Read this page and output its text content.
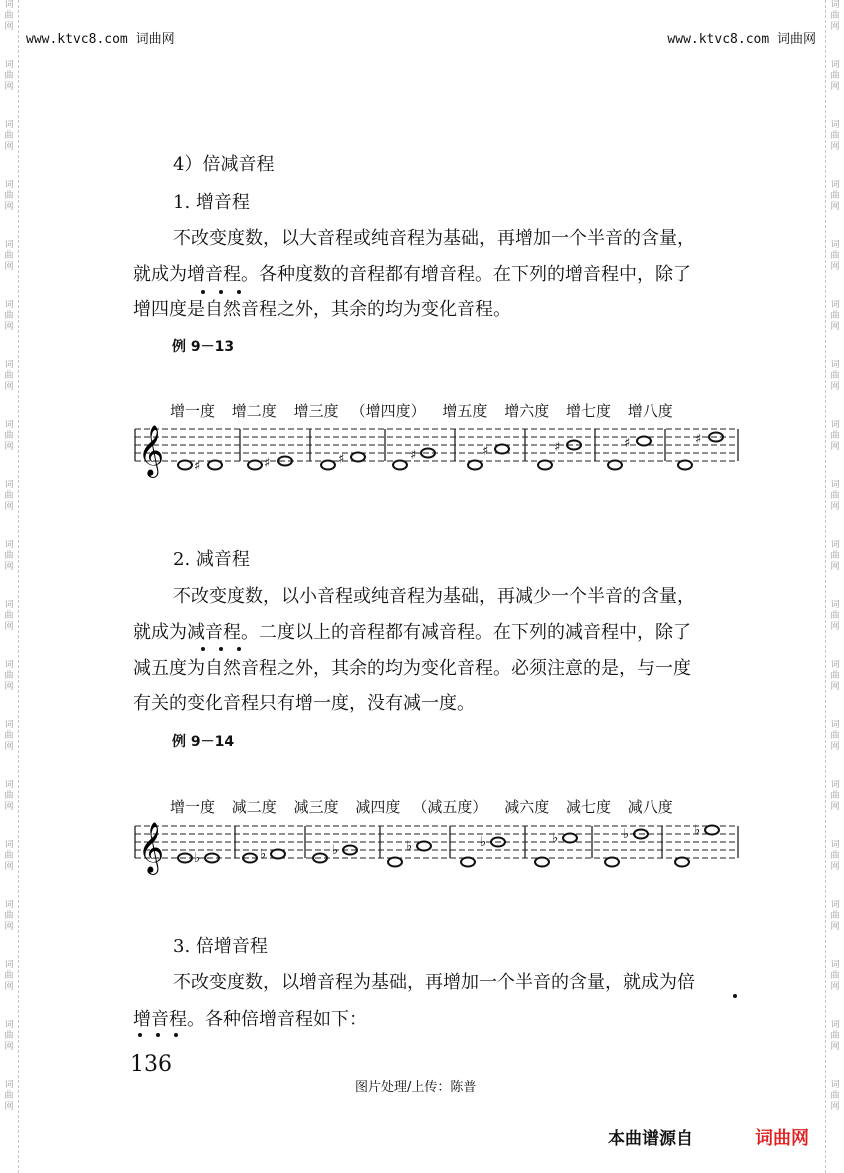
词
曲
网
词
曲
网
词
曲
网
词
曲
网
词
曲
网
词
曲
网
词
曲
网
词
曲
网
词
曲
网
词
曲
网
词
曲
网
词
曲
网
词
曲
网
词
曲
网
词
曲
网
词
曲
网
词
曲
网
词
曲
网
词
曲
网
词
曲
网
词
曲
网
词
曲
网
词
曲
网
词
曲
网
词
曲
网
词
曲
网
词
曲
网
词
曲
网
词
曲
网
词
曲
网
词
曲
网
词
曲
网
词
曲
网
词
曲
网
词
曲
网
词
曲
网
词
曲
网
词
曲
网
www.ktvc8.com 词曲网	www.ktvc8.com 词曲网
4）倍减音程
1. 增音程
不改变度数，以大音程或纯音程为基础，再增加一个半音的含量，
就成为增音程。各种度数的音程都有增音程。在下列的增音程中，除了
增四度是自然音程之外，其余的均为变化音程。
例 9－13
增一度 增二度 增三度 （增四度） 增五度 增六度 增七度 增八度
𝄞 ♯	♯	♯	♯	♯	♯	♯	♯
2. 减音程
不改变度数，以小音程或纯音程为基础，再减少一个半音的含量，
就成为减音程。二度以上的音程都有减音程。在下列的减音程中，除了
减五度为自然音程之外，其余的均为变化音程。必须注意的是，与一度
有关的变化音程只有增一度，没有减一度。
例 9－14
增一度 减二度 减三度 减四度 （减五度） 减六度 减七度 减八度
𝄞 ♭	♭	♭	♭	♭	♭	♭	♭
3. 倍增音程
不改变度数，以增音程为基础，再增加一个半音的含量，就成为倍
增音程。各种倍增音程如下：
136
图片处理/上传：陈普
本曲谱源自	词曲网
